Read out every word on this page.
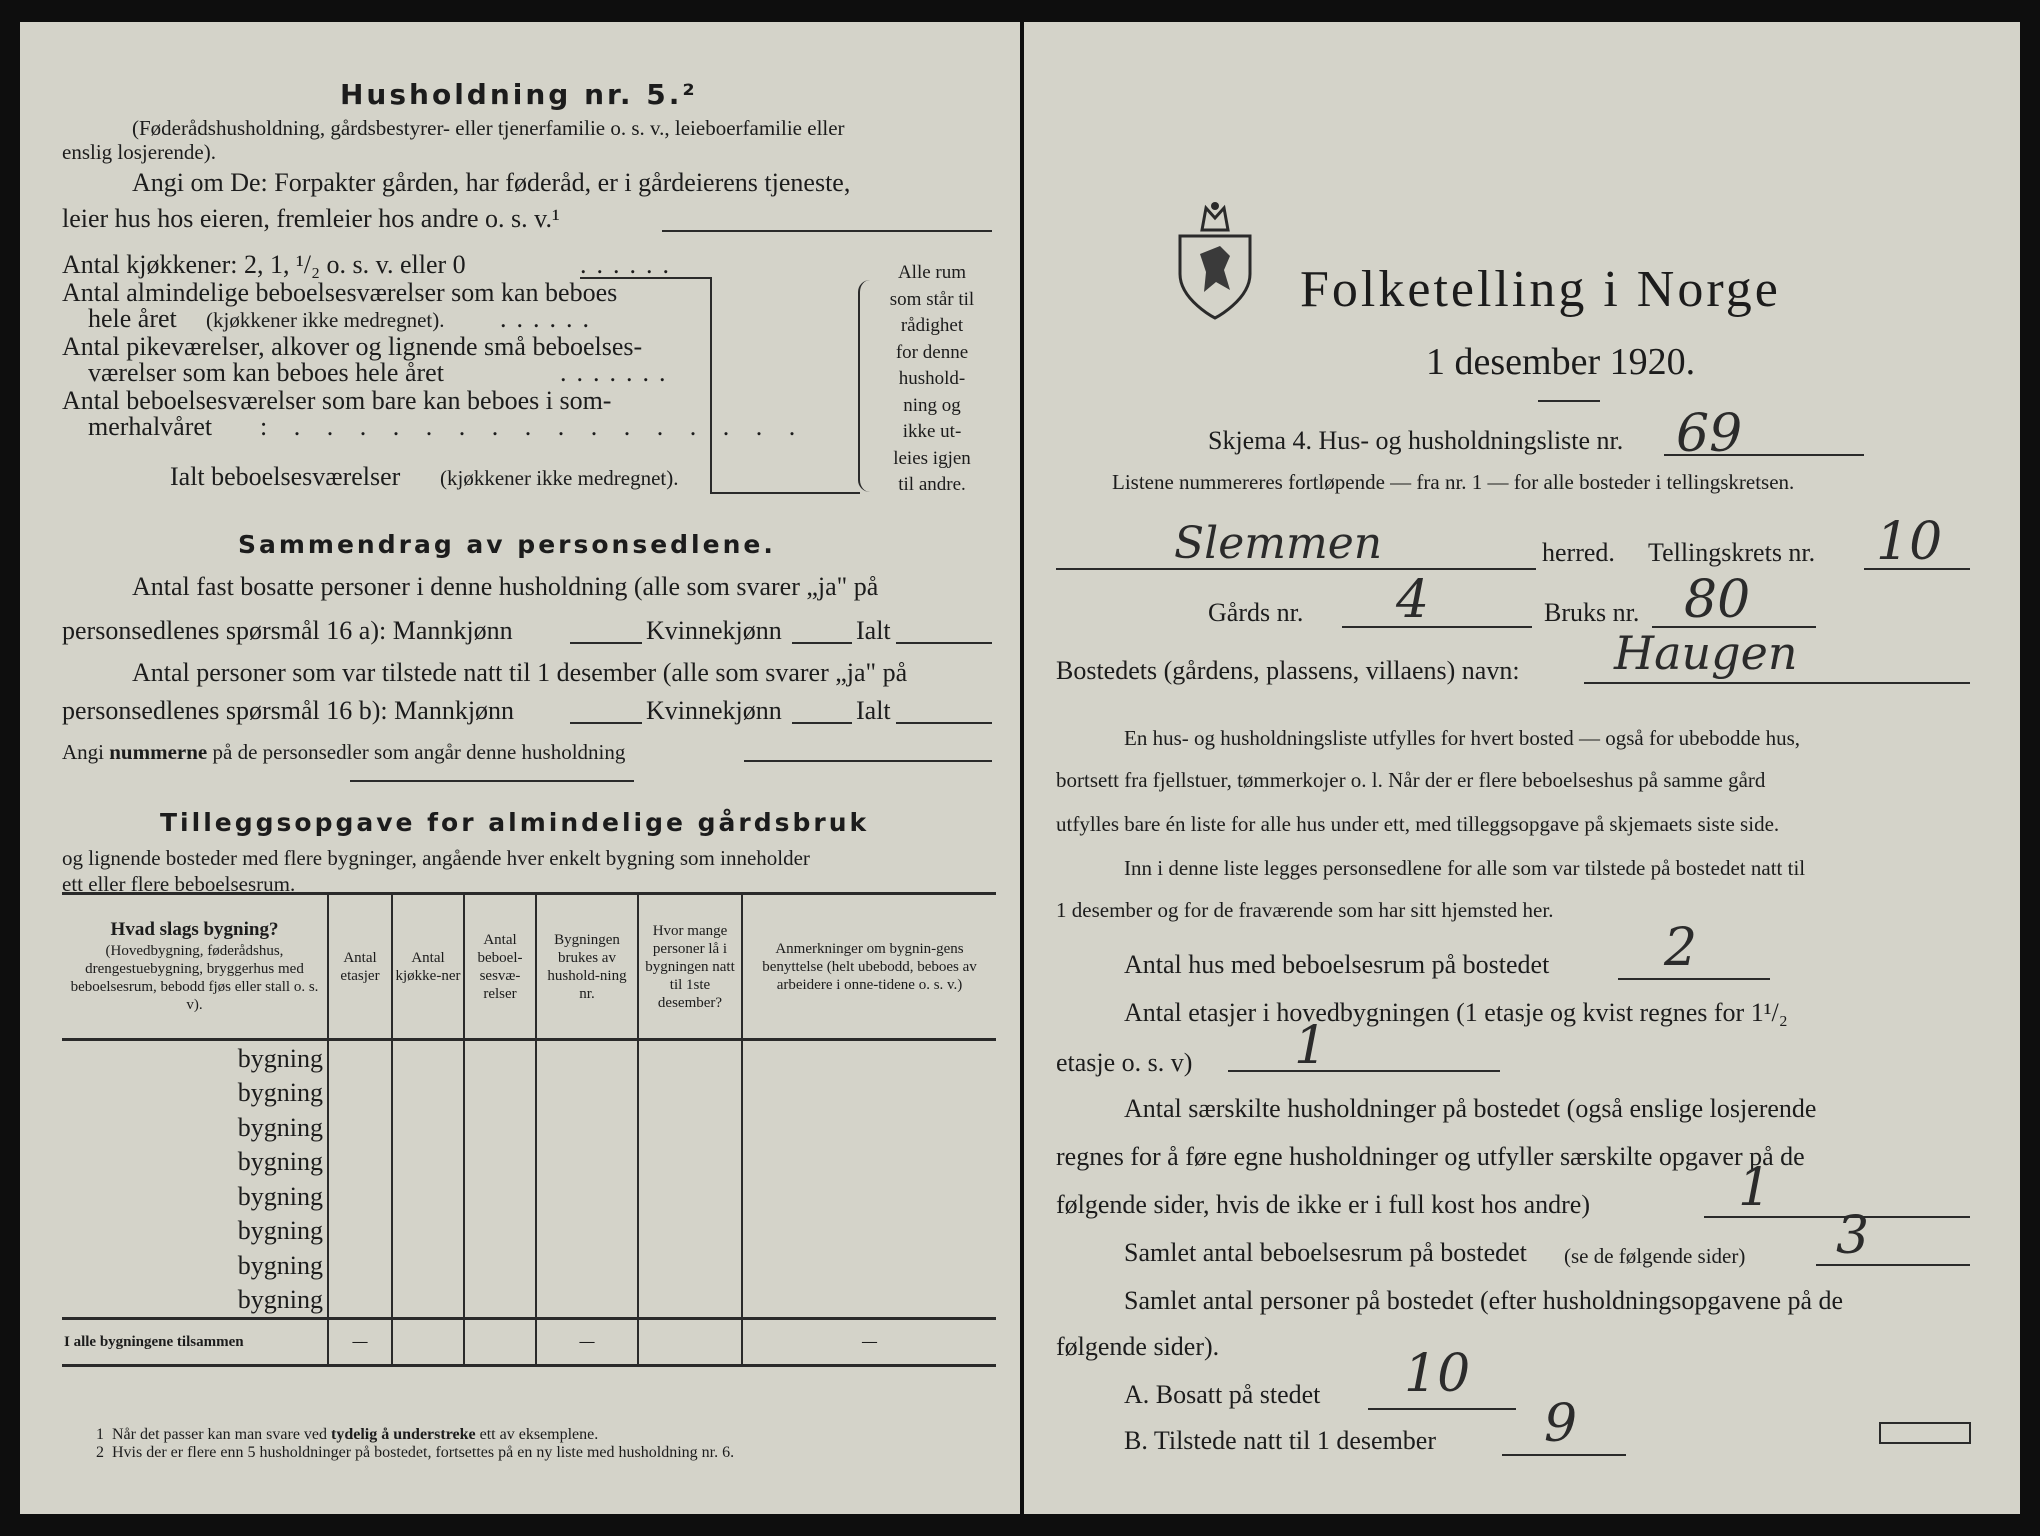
Husholdning nr. 5.²

(Føderådshusholdning, gårdsbestyrer- eller tjenerfamilie o. s. v., leieboerfamilie eller

enslig losjerende).

Angi om De: Forpakter gården, har føderåd, er i gårdeierens tjeneste,

leier hus hos eieren, fremleier hos andre o. s. v.¹

Antal kjøkkener: 2, 1, ¹/₂ o. s. v. eller 0	......

Antal almindelige beboelsesværelser som kan beboes

hele året (kjøkkener ikke medregnet). ......

Antal pikeværelser, alkover og lignende små beboelses-

værelser som kan beboes hele året	.......

Antal beboelsesværelser som bare kan beboes i som-

merhalvåret : . . . . . . . . . . . . . . . .

Ialt beboelsesværelser (kjøkkener ikke medregnet).

Alle rum
som står til
rådighet
for denne
hushold-
ning og
ikke ut-
leies igjen
til andre.
Sammendrag av personsedlene.

Antal fast bosatte personer i denne husholdning (alle som svarer „ja" på

personsedlenes spørsmål 16 a): Mannkjønn	Kvinnekjønn	Ialt

Antal personer som var tilstede natt til 1 desember (alle som svarer „ja" på

personsedlenes spørsmål 16 b): Mannkjønn	Kvinnekjønn	Ialt

Angi nummerne på de personsedler som angår denne husholdning

Tilleggsopgave for almindelige gårdsbruk

og lignende bosteder med flere bygninger, angående hver enkelt bygning som inneholder

ett eller flere beboelsesrum.

Hvad slags bygning?
(Hovedbygning, føderådshus, drengestuebygning, bryggerhus med beboelsesrum, bebodd fjøs eller stall o. s. v).	Antal etasjer	Antal kjøkke-ner	Antal beboel-sesvæ-relser	Bygningen brukes av hushold-ning nr.	Hvor mange personer lå i bygningen natt til 1ste desember?	Anmerkninger om bygnin-gens benyttelse (helt ubebodd, beboes av arbeidere i onne-tidene o. s. v.)
bygning						
bygning						
bygning						
bygning						
bygning						
bygning						
bygning						
bygning						
I alle bygningene tilsammen	—			—		—

1 Når det passer kan man svare ved tydelig å understreke ett av eksemplene.

2 Hvis der er flere enn 5 husholdninger på bostedet, fortsettes på en ny liste med husholdning nr. 6.

Folketelling i Norge

1 desember 1920.

Skjema 4. Hus- og husholdningsliste nr. 69

Listene nummereres fortløpende — fra nr. 1 — for alle bosteder i tellingskretsen.

Slemmen	herred. Tellingskrets nr. 10

Gårds nr. 4	Bruks nr. 80

Bostedets (gårdens, plassens, villaens) navn: Haugen

En hus- og husholdningsliste utfylles for hvert bosted — også for ubebodde hus,

bortsett fra fjellstuer, tømmerkojer o. l. Når der er flere beboelseshus på samme gård

utfylles bare én liste for alle hus under ett, med tilleggsopgave på skjemaets siste side.

Inn i denne liste legges personsedlene for alle som var tilstede på bostedet natt til

1 desember og for de fraværende som har sitt hjemsted her.

Antal hus med beboelsesrum på bostedet 2

Antal etasjer i hovedbygningen (1 etasje og kvist regnes for 1¹/₂

etasje o. s. v) 1

Antal særskilte husholdninger på bostedet (også enslige losjerende

regnes for å føre egne husholdninger og utfyller særskilte opgaver på de

følgende sider, hvis de ikke er i full kost hos andre)	1

Samlet antal beboelsesrum på bostedet (se de følgende sider) 3

Samlet antal personer på bostedet (efter husholdningsopgavene på de

følgende sider).

A. Bosatt på stedet 10

B. Tilstede natt til 1 desember 9
